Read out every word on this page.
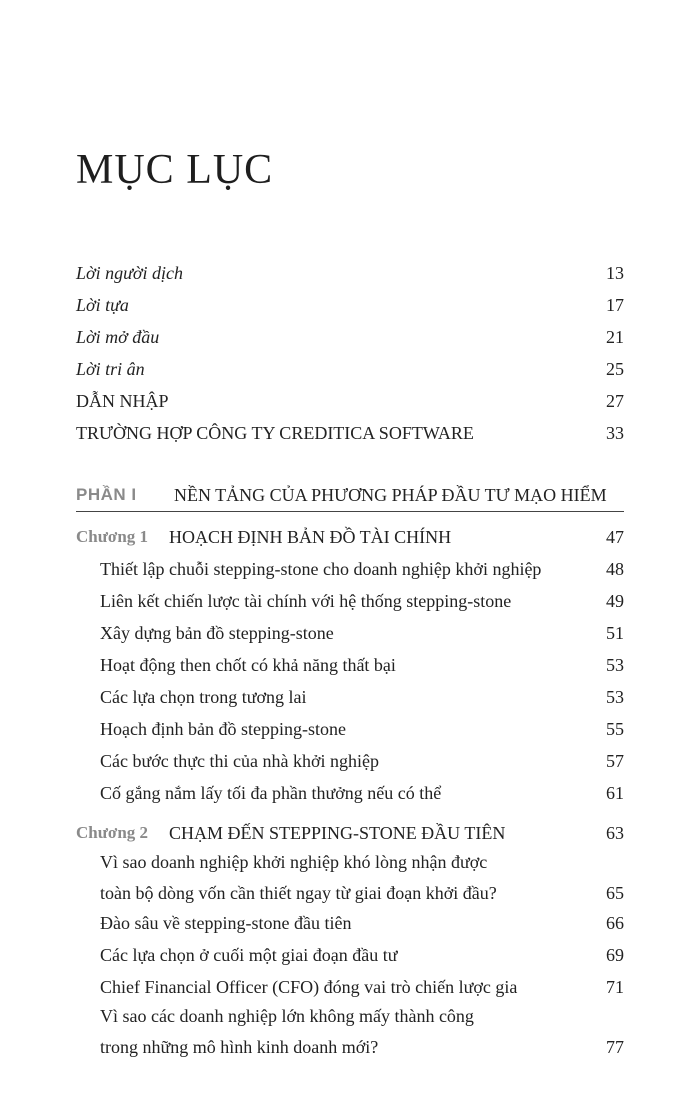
MỤC LỤC
Lời người dịch	13
Lời tựa	17
Lời mở đầu	21
Lời tri ân	25
DẪN NHẬP	27
TRƯỜNG HỢP CÔNG TY CREDITICA SOFTWARE	33
PHẦN I NỀN TẢNG CỦA PHƯƠNG PHÁP ĐẦU TƯ MẠO HIỂM
Chương 1 HOẠCH ĐỊNH BẢN ĐỒ TÀI CHÍNH	47
Thiết lập chuỗi stepping-stone cho doanh nghiệp khởi nghiệp	48
Liên kết chiến lược tài chính với hệ thống stepping-stone	49
Xây dựng bản đồ stepping-stone	51
Hoạt động then chốt có khả năng thất bại	53
Các lựa chọn trong tương lai	53
Hoạch định bản đồ stepping-stone	55
Các bước thực thi của nhà khởi nghiệp	57
Cố gắng nắm lấy tối đa phần thưởng nếu có thể	61
Chương 2 CHẠM ĐẾN STEPPING-STONE ĐẦU TIÊN	63
Vì sao doanh nghiệp khởi nghiệp khó lòng nhận được
toàn bộ dòng vốn cần thiết ngay từ giai đoạn khởi đầu?	65
Đào sâu về stepping-stone đầu tiên	66
Các lựa chọn ở cuối một giai đoạn đầu tư	69
Chief Financial Officer (CFO) đóng vai trò chiến lược gia	71
Vì sao các doanh nghiệp lớn không mấy thành công
trong những mô hình kinh doanh mới?	77
